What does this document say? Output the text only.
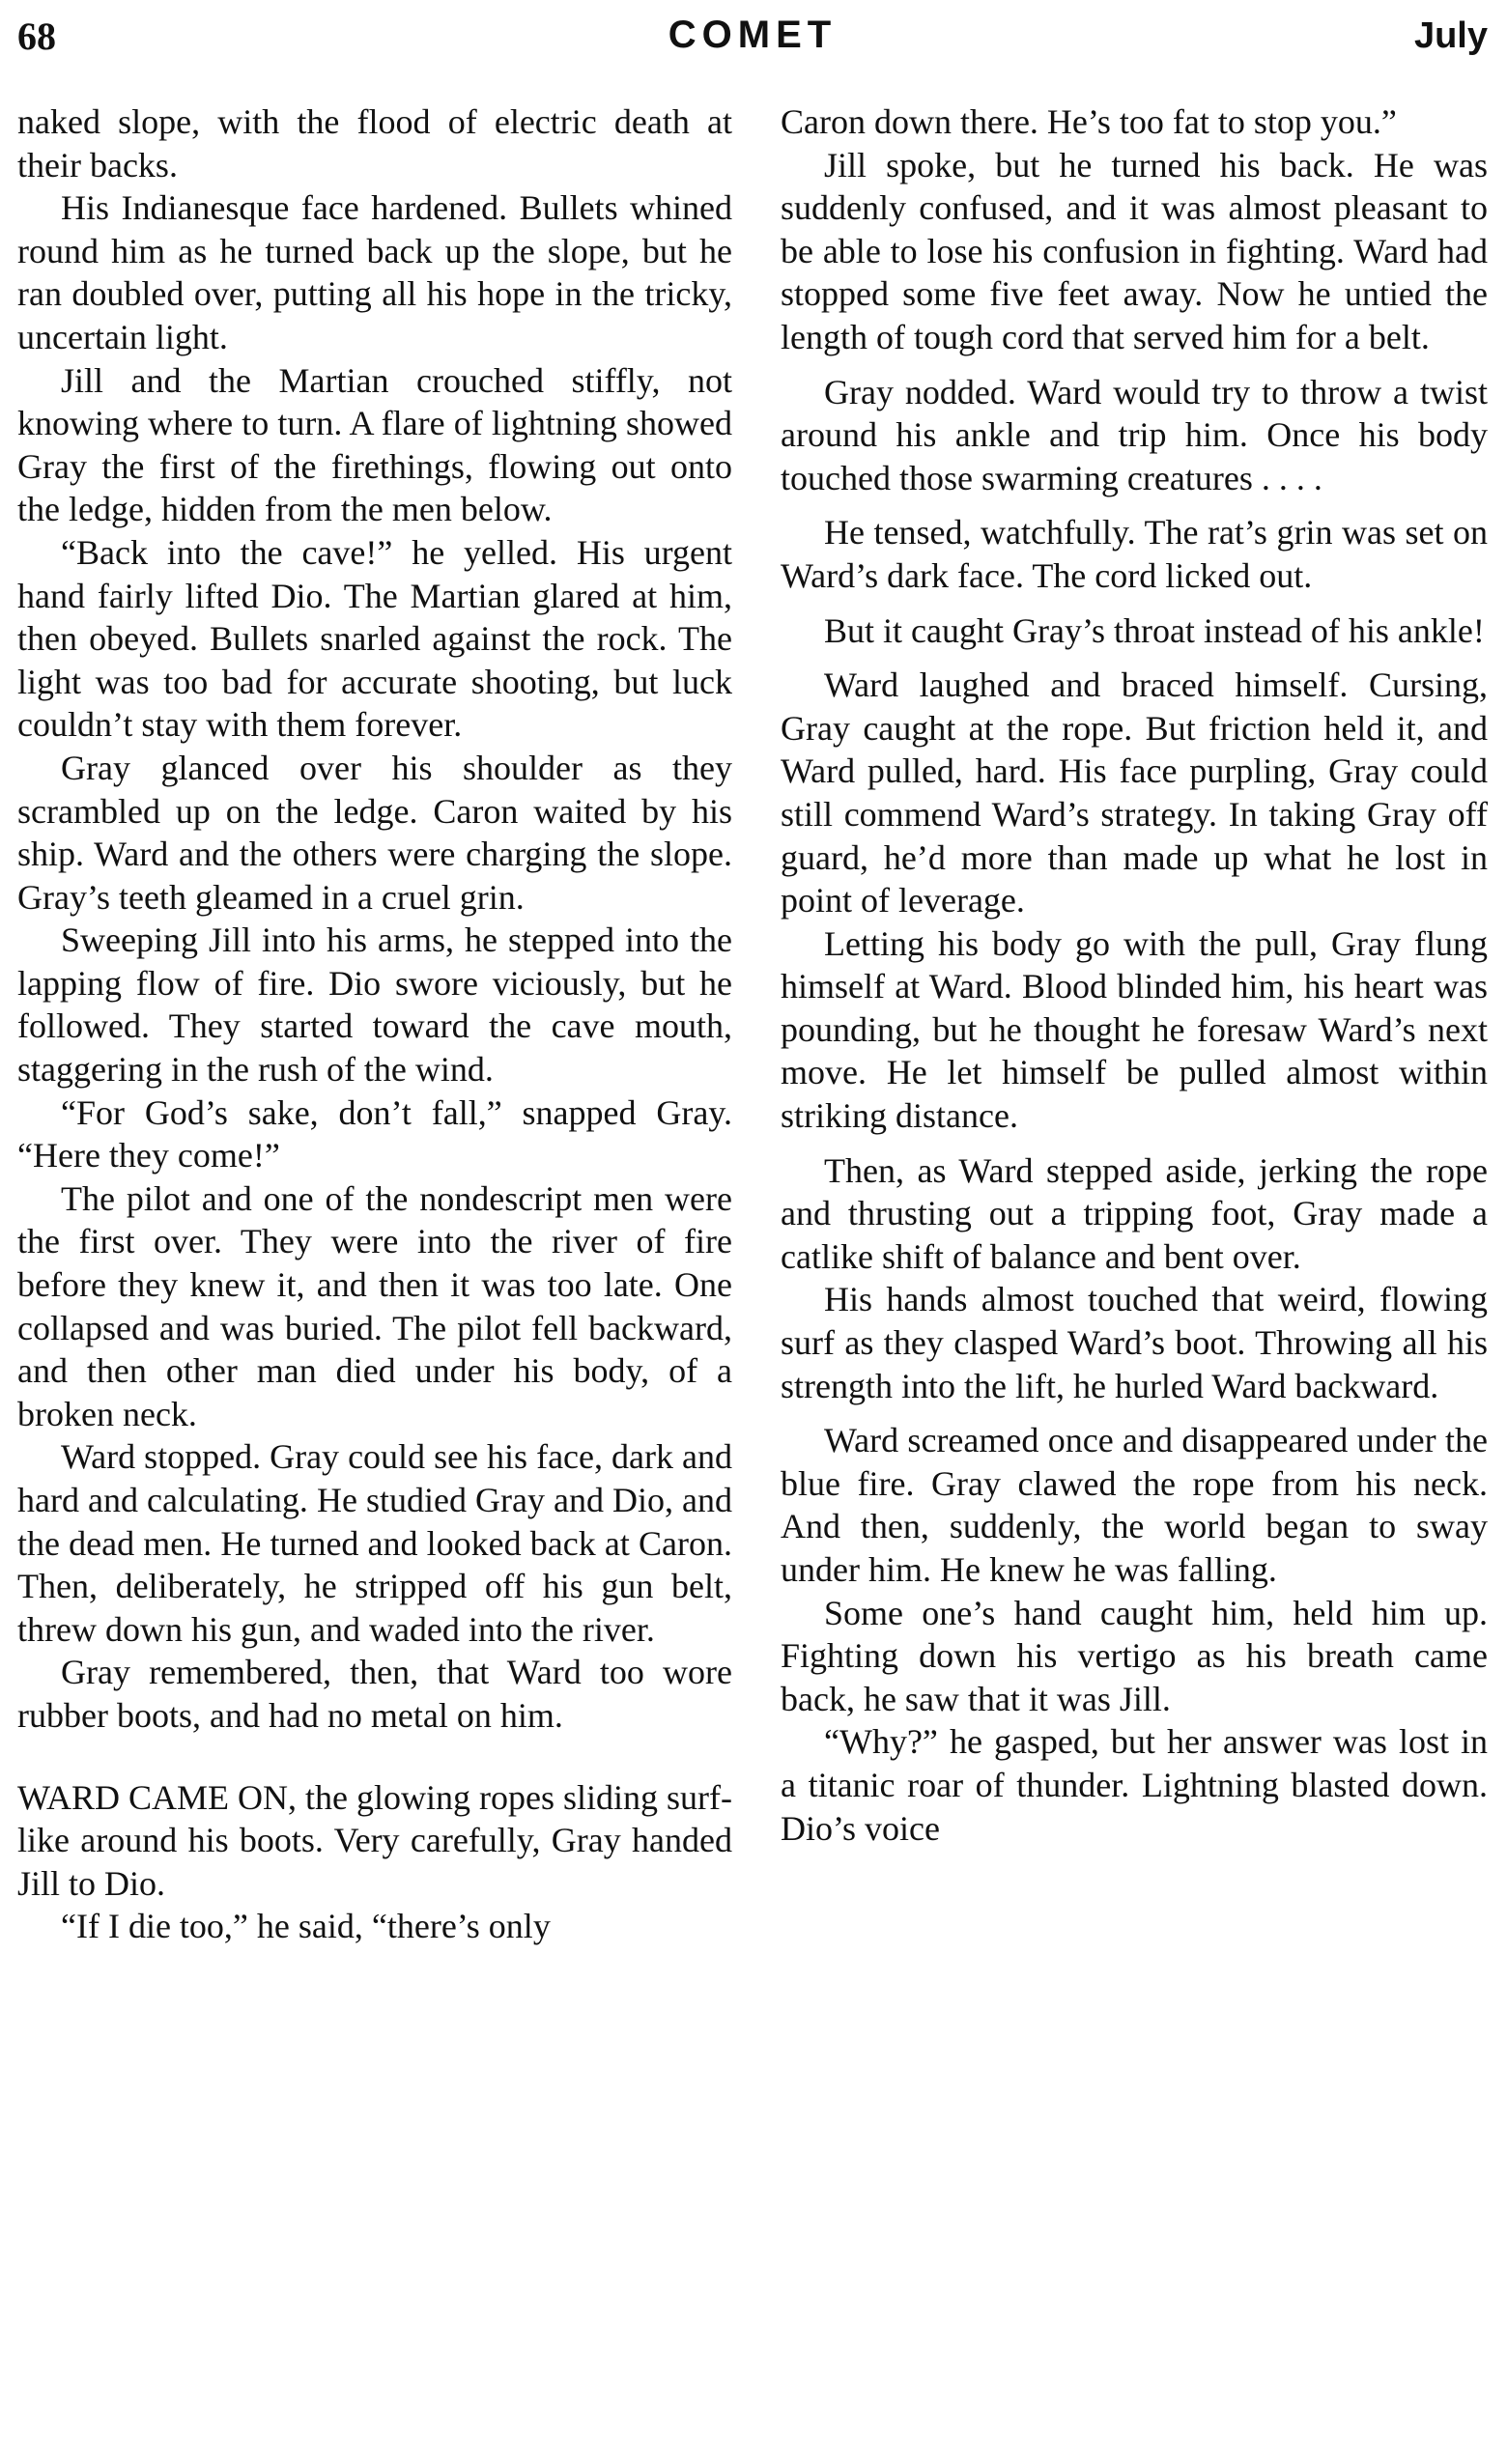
68	COMET	July

naked slope, with the flood of electric death at their backs.

His Indianesque face hardened. Bullets whined round him as he turned back up the slope, but he ran doubled over, putting all his hope in the tricky, uncertain light.

Jill and the Martian crouched stiffly, not knowing where to turn. A flare of lightning showed Gray the first of the firethings, flowing out onto the ledge, hidden from the men below.

“Back into the cave!” he yelled. His urgent hand fairly lifted Dio. The Martian glared at him, then obeyed. Bullets snarled against the rock. The light was too bad for accurate shooting, but luck couldn’t stay with them forever.

Gray glanced over his shoulder as they scrambled up on the ledge. Caron waited by his ship. Ward and the others were charging the slope. Gray’s teeth gleamed in a cruel grin.

Sweeping Jill into his arms, he stepped into the lapping flow of fire. Dio swore viciously, but he followed. They started toward the cave mouth, staggering in the rush of the wind.

“For God’s sake, don’t fall,” snapped Gray. “Here they come!”

The pilot and one of the nondescript men were the first over. They were into the river of fire before they knew it, and then it was too late. One collapsed and was buried. The pilot fell backward, and then other man died under his body, of a broken neck.

Ward stopped. Gray could see his face, dark and hard and calculating. He studied Gray and Dio, and the dead men. He turned and looked back at Caron. Then, deliberately, he stripped off his gun belt, threw down his gun, and waded into the river.

Gray remembered, then, that Ward too wore rubber boots, and had no metal on him.

WARD CAME ON, the glowing ropes sliding surf-like around his boots. Very carefully, Gray handed Jill to Dio.

“If I die too,” he said, “there’s only

Caron down there. He’s too fat to stop you.”

Jill spoke, but he turned his back. He was suddenly confused, and it was almost pleasant to be able to lose his confusion in fighting. Ward had stopped some five feet away. Now he untied the length of tough cord that served him for a belt.

Gray nodded. Ward would try to throw a twist around his ankle and trip him. Once his body touched those swarming creatures . . . .

He tensed, watchfully. The rat’s grin was set on Ward’s dark face. The cord licked out.

But it caught Gray’s throat instead of his ankle!

Ward laughed and braced himself. Cursing, Gray caught at the rope. But friction held it, and Ward pulled, hard. His face purpling, Gray could still commend Ward’s strategy. In taking Gray off guard, he’d more than made up what he lost in point of leverage.

Letting his body go with the pull, Gray flung himself at Ward. Blood blinded him, his heart was pounding, but he thought he foresaw Ward’s next move. He let himself be pulled almost within striking distance.

Then, as Ward stepped aside, jerking the rope and thrusting out a tripping foot, Gray made a catlike shift of balance and bent over.

His hands almost touched that weird, flowing surf as they clasped Ward’s boot. Throwing all his strength into the lift, he hurled Ward backward.

Ward screamed once and disappeared under the blue fire. Gray clawed the rope from his neck. And then, suddenly, the world began to sway under him. He knew he was falling.

Some one’s hand caught him, held him up. Fighting down his vertigo as his breath came back, he saw that it was Jill.

“Why?” he gasped, but her answer was lost in a titanic roar of thunder. Lightning blasted down. Dio’s voice
